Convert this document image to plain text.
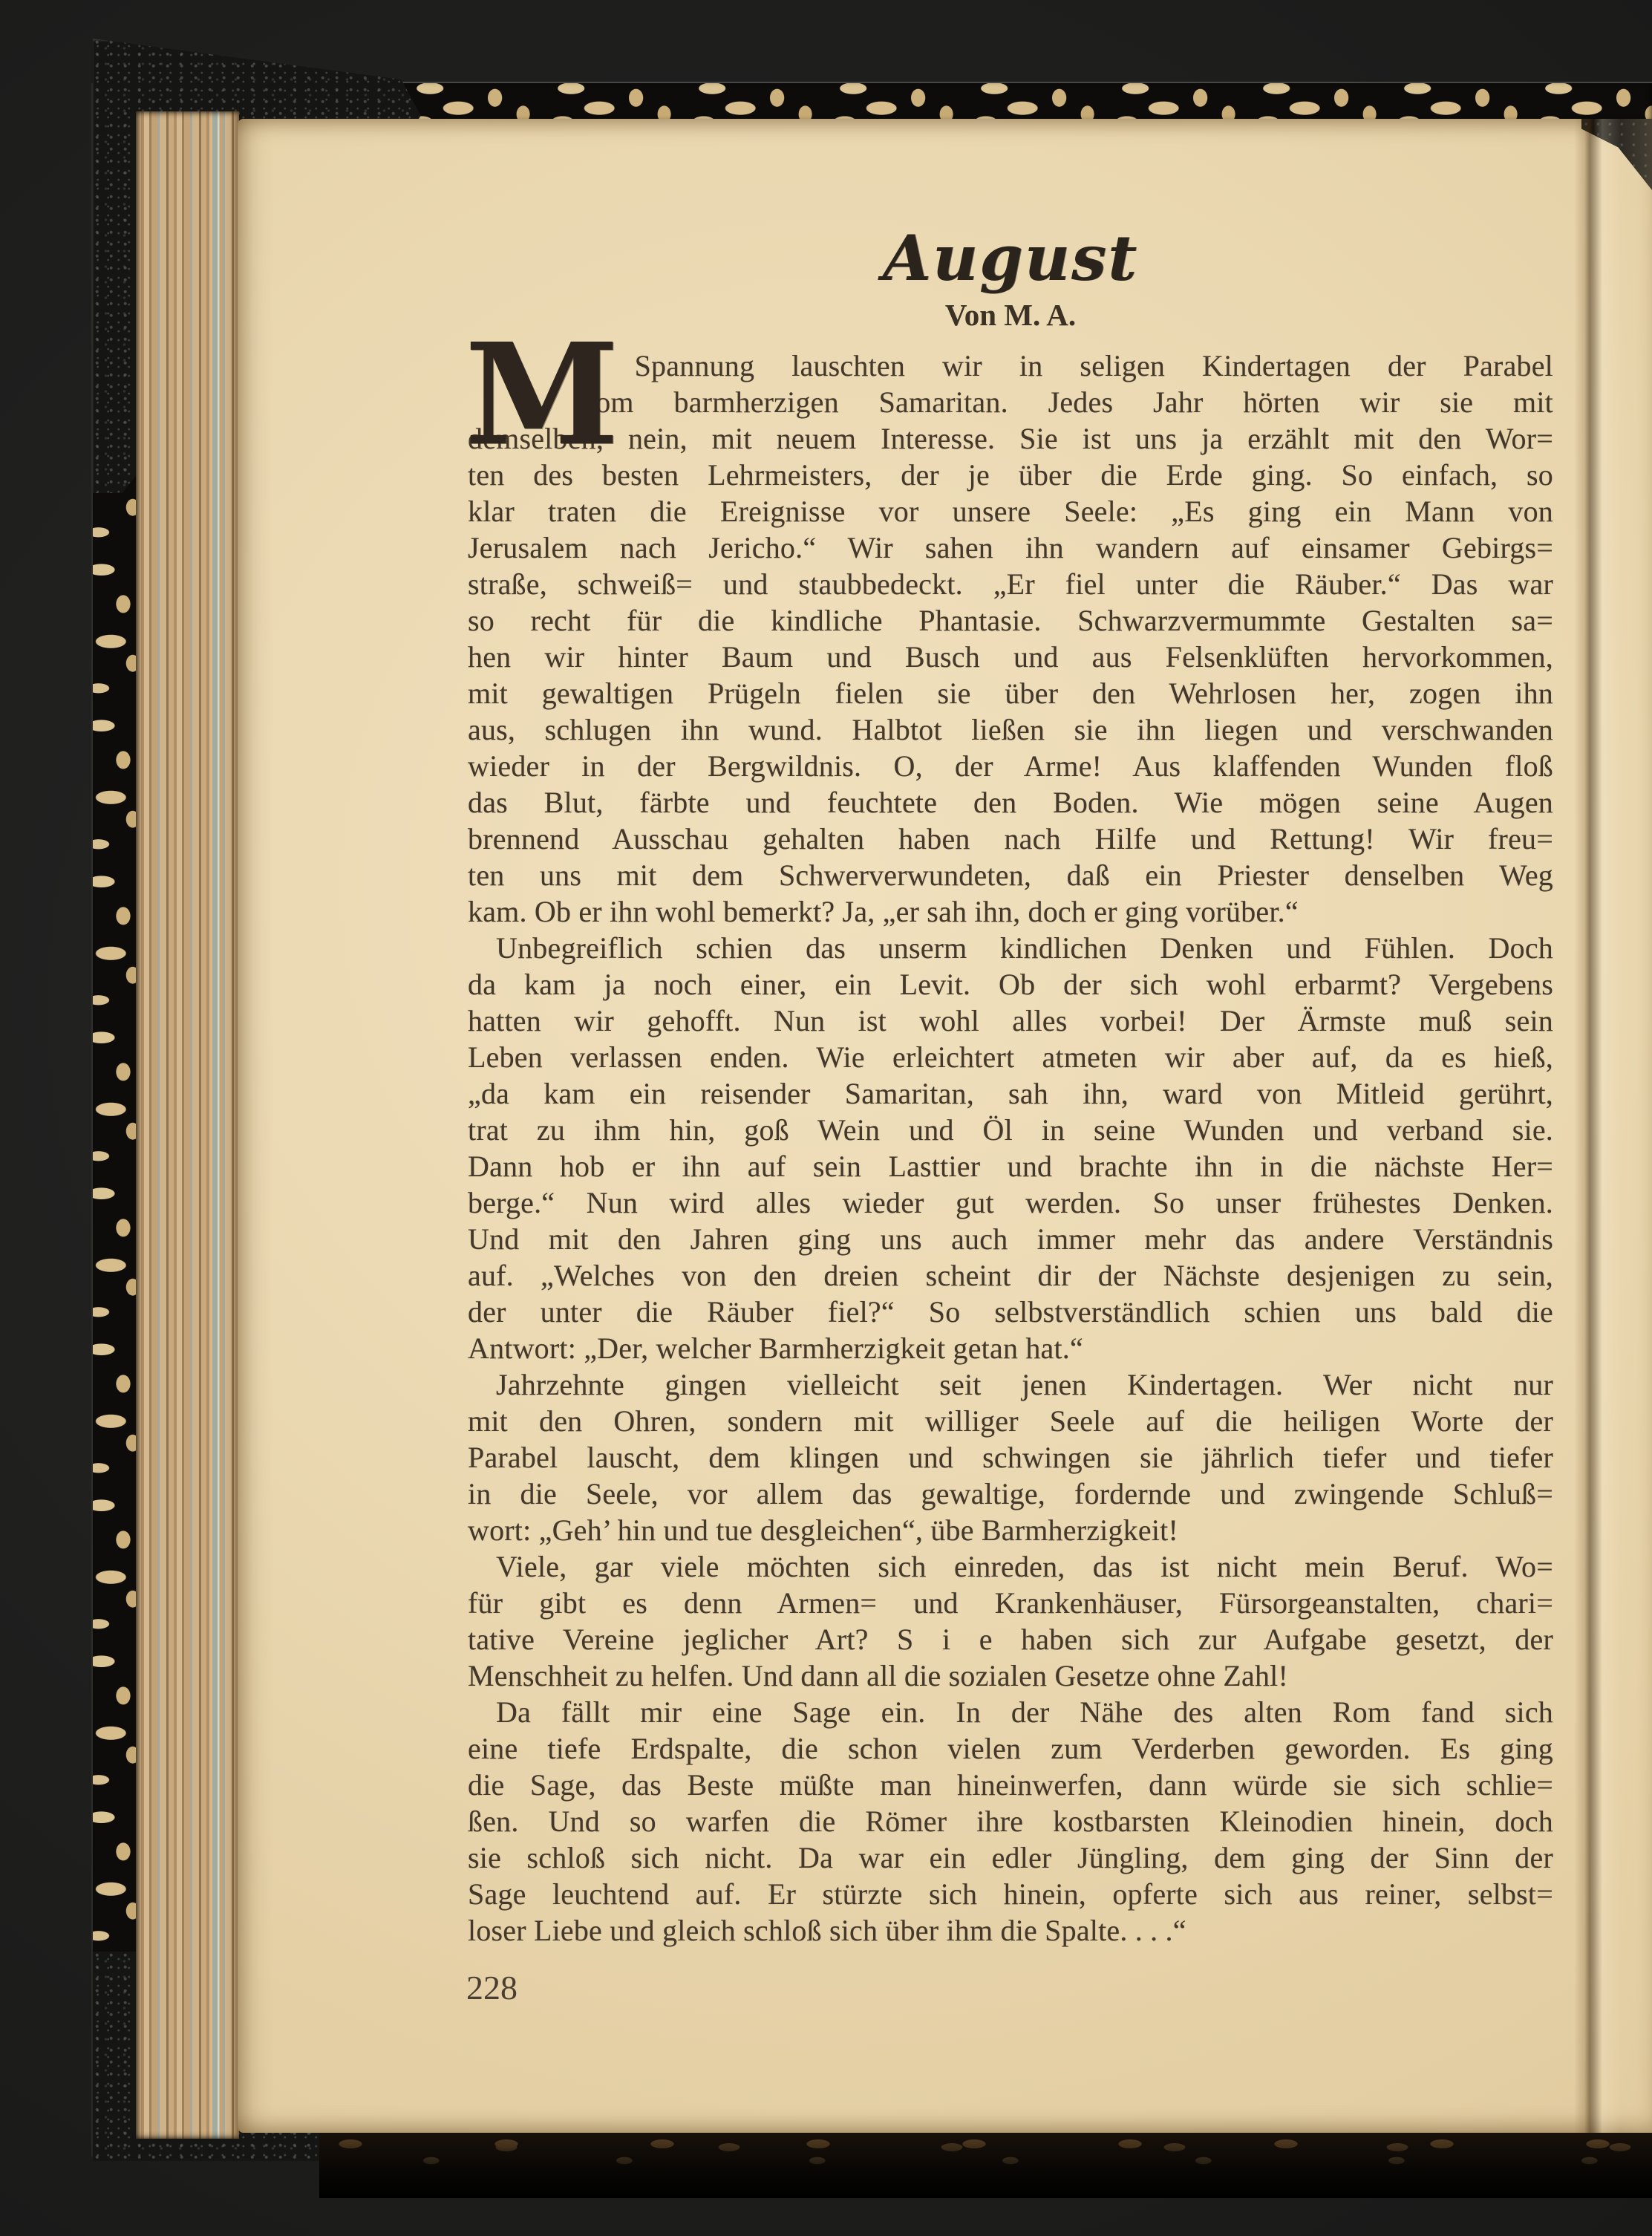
August
Von M. A.
M
it Spannung lauschten wir in seligen Kindertagen der Parabel
vom barmherzigen Samaritan. Jedes Jahr hörten wir sie mit
demselben, nein, mit neuem Interesse. Sie ist uns ja erzählt mit den Wor=
ten des besten Lehrmeisters, der je über die Erde ging. So einfach, so
klar traten die Ereignisse vor unsere Seele: „Es ging ein Mann von
Jerusalem nach Jericho.“ Wir sahen ihn wandern auf einsamer Gebirgs=
straße, schweiß= und staubbedeckt. „Er fiel unter die Räuber.“ Das war
so recht für die kindliche Phantasie. Schwarzvermummte Gestalten sa=
hen wir hinter Baum und Busch und aus Felsenklüften hervorkommen,
mit gewaltigen Prügeln fielen sie über den Wehrlosen her, zogen ihn
aus, schlugen ihn wund. Halbtot ließen sie ihn liegen und verschwanden
wieder in der Bergwildnis. O, der Arme! Aus klaffenden Wunden floß
das Blut, färbte und feuchtete den Boden. Wie mögen seine Augen
brennend Ausschau gehalten haben nach Hilfe und Rettung! Wir freu=
ten uns mit dem Schwerverwundeten, daß ein Priester denselben Weg
kam. Ob er ihn wohl bemerkt? Ja, „er sah ihn, doch er ging vorüber.“
Unbegreiflich schien das unserm kindlichen Denken und Fühlen. Doch
da kam ja noch einer, ein Levit. Ob der sich wohl erbarmt? Vergebens
hatten wir gehofft. Nun ist wohl alles vorbei! Der Ärmste muß sein
Leben verlassen enden. Wie erleichtert atmeten wir aber auf, da es hieß,
„da kam ein reisender Samaritan, sah ihn, ward von Mitleid gerührt,
trat zu ihm hin, goß Wein und Öl in seine Wunden und verband sie.
Dann hob er ihn auf sein Lasttier und brachte ihn in die nächste Her=
berge.“ Nun wird alles wieder gut werden. So unser frühestes Denken.
Und mit den Jahren ging uns auch immer mehr das andere Verständnis
auf. „Welches von den dreien scheint dir der Nächste desjenigen zu sein,
der unter die Räuber fiel?“ So selbstverständlich schien uns bald die
Antwort: „Der, welcher Barmherzigkeit getan hat.“
Jahrzehnte gingen vielleicht seit jenen Kindertagen. Wer nicht nur
mit den Ohren, sondern mit williger Seele auf die heiligen Worte der
Parabel lauscht, dem klingen und schwingen sie jährlich tiefer und tiefer
in die Seele, vor allem das gewaltige, fordernde und zwingende Schluß=
wort: „Geh’ hin und tue desgleichen“, übe Barmherzigkeit!
Viele, gar viele möchten sich einreden, das ist nicht mein Beruf. Wo=
für gibt es denn Armen= und Krankenhäuser, Fürsorgeanstalten, chari=
tative Vereine jeglicher Art? S i e haben sich zur Aufgabe gesetzt, der
Menschheit zu helfen. Und dann all die sozialen Gesetze ohne Zahl!
Da fällt mir eine Sage ein. In der Nähe des alten Rom fand sich
eine tiefe Erdspalte, die schon vielen zum Verderben geworden. Es ging
die Sage, das Beste müßte man hineinwerfen, dann würde sie sich schlie=
ßen. Und so warfen die Römer ihre kostbarsten Kleinodien hinein, doch
sie schloß sich nicht. Da war ein edler Jüngling, dem ging der Sinn der
Sage leuchtend auf. Er stürzte sich hinein, opferte sich aus reiner, selbst=
loser Liebe und gleich schloß sich über ihm die Spalte. . . .“
228
